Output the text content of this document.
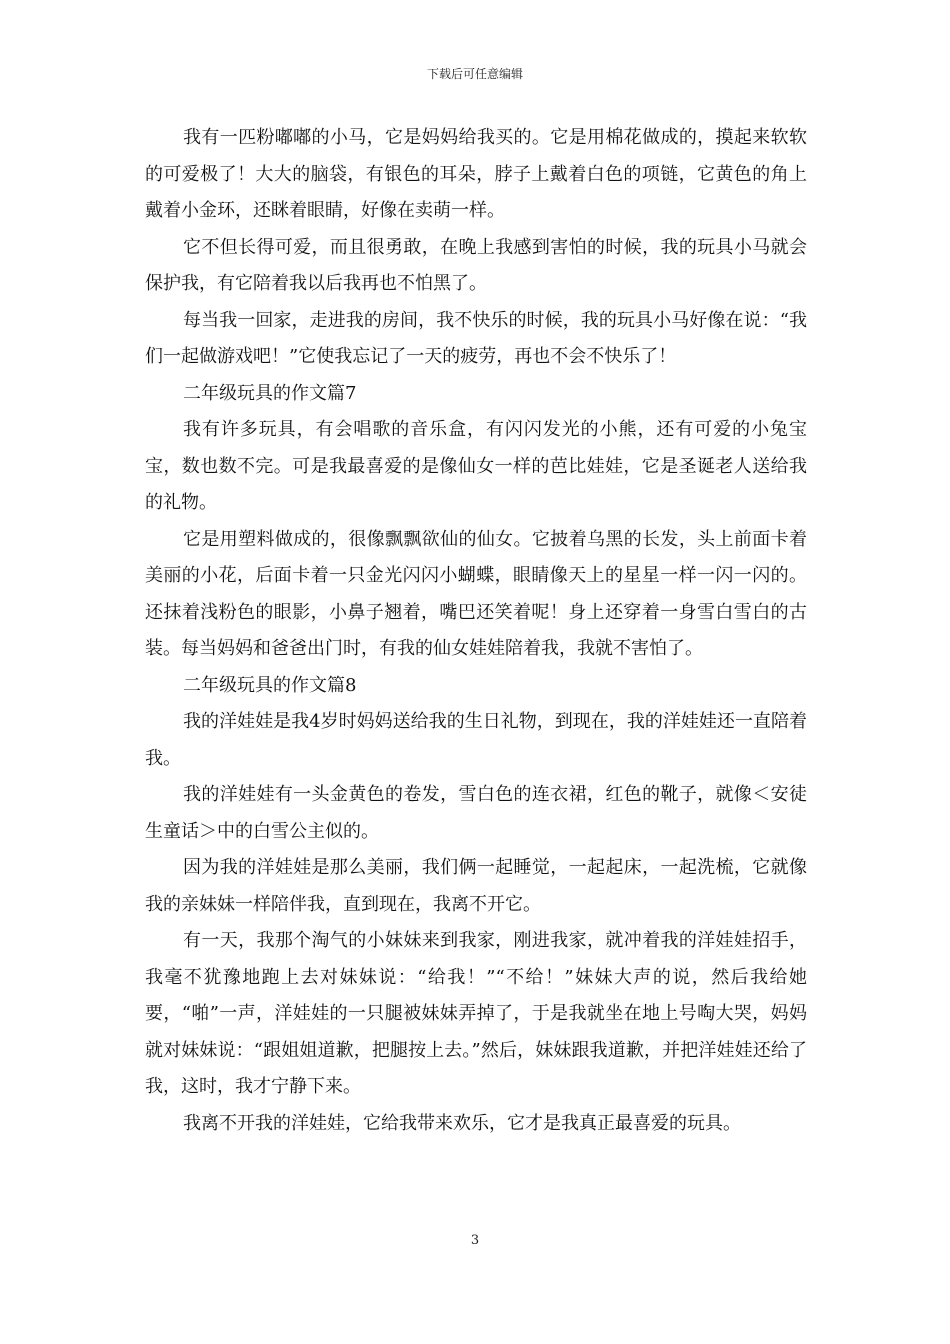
下载后可任意编辑

我有一匹粉嘟嘟的小马，它是妈妈给我买的。它是用棉花做成的，摸起来软软的可爱极了！大大的脑袋，有银色的耳朵，脖子上戴着白色的项链，它黄色的角上戴着小金环，还眯着眼睛，好像在卖萌一样。

它不但长得可爱，而且很勇敢，在晚上我感到害怕的时候，我的玩具小马就会保护我，有它陪着我以后我再也不怕黑了。

每当我一回家，走进我的房间，我不快乐的时候，我的玩具小马好像在说：“我们一起做游戏吧！”它使我忘记了一天的疲劳，再也不会不快乐了！

二年级玩具的作文篇7

我有许多玩具，有会唱歌的音乐盒，有闪闪发光的小熊，还有可爱的小兔宝宝，数也数不完。可是我最喜爱的是像仙女一样的芭比娃娃，它是圣诞老人送给我的礼物。

它是用塑料做成的，很像飘飘欲仙的仙女。它披着乌黑的长发，头上前面卡着美丽的小花，后面卡着一只金光闪闪小蝴蝶，眼睛像天上的星星一样一闪一闪的。还抹着浅粉色的眼影，小鼻子翘着，嘴巴还笑着呢！身上还穿着一身雪白雪白的古装。每当妈妈和爸爸出门时，有我的仙女娃娃陪着我，我就不害怕了。

二年级玩具的作文篇8

我的洋娃娃是我4岁时妈妈送给我的生日礼物，到现在，我的洋娃娃还一直陪着我。

我的洋娃娃有一头金黄色的卷发，雪白色的连衣裙，红色的靴子，就像＜安徒生童话＞中的白雪公主似的。

因为我的洋娃娃是那么美丽，我们俩一起睡觉，一起起床，一起洗梳，它就像我的亲妹妹一样陪伴我，直到现在，我离不开它。

有一天，我那个淘气的小妹妹来到我家，刚进我家，就冲着我的洋娃娃招手，我毫不犹豫地跑上去对妹妹说：“给我！”“不给！”妹妹大声的说，然后我给她要，“啪”一声，洋娃娃的一只腿被妹妹弄掉了，于是我就坐在地上号啕大哭，妈妈就对妹妹说：“跟姐姐道歉，把腿按上去。”然后，妹妹跟我道歉，并把洋娃娃还给了我，这时，我才宁静下来。

我离不开我的洋娃娃，它给我带来欢乐，它才是我真正最喜爱的玩具。

3
